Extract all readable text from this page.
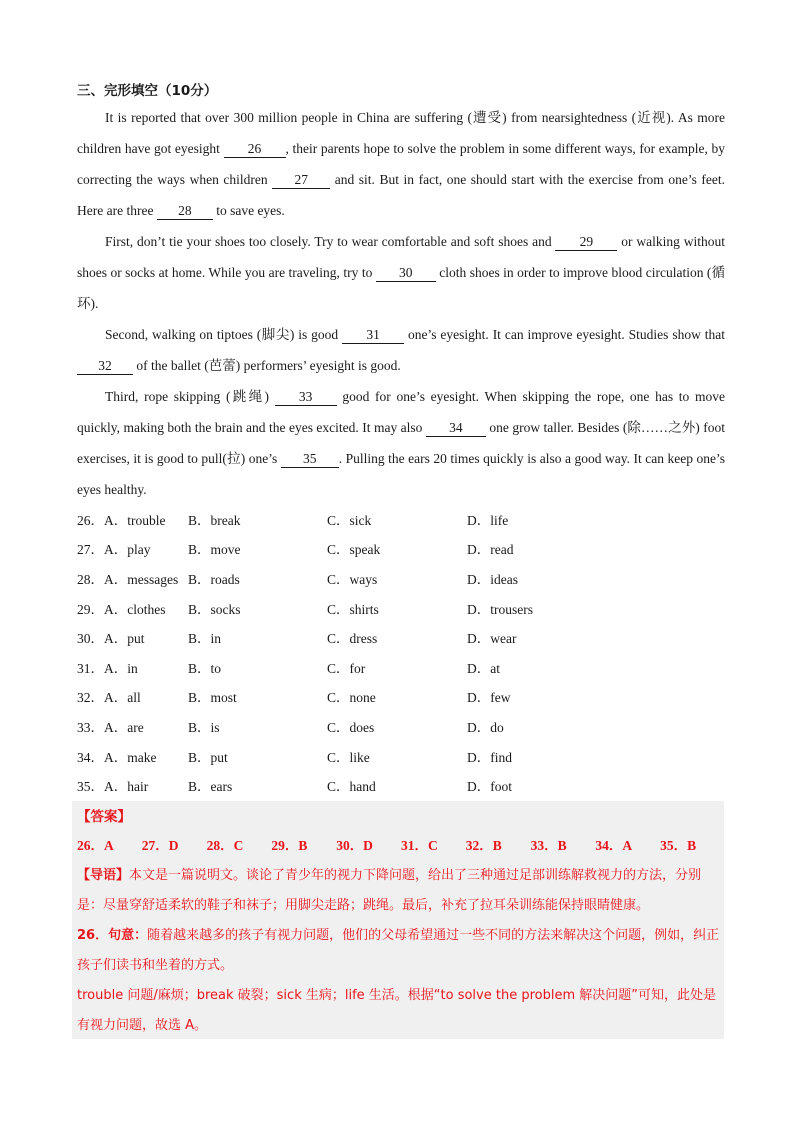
三、完形填空（10分）

It is reported that over 300 million people in China are suffering (遭受) from nearsightedness (近视). As more children have got eyesight 26 , their parents hope to solve the problem in some different ways, for example, by correcting the ways when children 27 and sit. But in fact, one should start with the exercise from one’s feet. Here are three 28 to save eyes.

First, don’t tie your shoes too closely. Try to wear comfortable and soft shoes and 29 or walking without shoes or socks at home. While you are traveling, try to 30 cloth shoes in order to improve blood circulation (循环).

Second, walking on tiptoes (脚尖) is good 31 one’s eyesight. It can improve eyesight. Studies show that 32 of the ballet (芭蕾) performers’ eyesight is good.

Third, rope skipping (跳绳) 33 good for one’s eyesight. When skipping the rope, one has to move quickly, making both the brain and the eyes excited. It may also 34 one grow taller. Besides (除……之外) foot exercises, it is good to pull(拉) one’s 35 . Pulling the ears 20 times quickly is also a good way. It can keep one’s eyes healthy.

26．A．trouble	B．break	C．sick	D．life
27．A．play	B．move	C．speak	D．read
28．A．messages B．roads	C．ways	D．ideas
29．A．clothes	B．socks	C．shirts	D．trousers
30．A．put	B．in	C．dress	D．wear
31．A．in	B．to	C．for	D．at
32．A．all	B．most	C．none	D．few
33．A．are	B．is	C．does	D．do
34．A．make	B．put	C．like	D．find
35．A．hair	B．ears	C．hand	D．foot
【答案】
26．A	27．D	28．C	29．B	30．D	31．C	32．B	33．B	34．A	35．B
【导语】本文是一篇说明文。谈论了青少年的视力下降问题，给出了三种通过足部训练解救视力的方法，分别是：尽量穿舒适柔软的鞋子和袜子；用脚尖走路；跳绳。最后，补充了拉耳朵训练能保持眼睛健康。
26．句意：随着越来越多的孩子有视力问题，他们的父母希望通过一些不同的方法来解决这个问题，例如，纠正孩子们读书和坐着的方式。
trouble 问题/麻烦；break 破裂；sick 生病；life 生活。根据“to solve the problem 解决问题”可知，此处是有视力问题，故选 A。
